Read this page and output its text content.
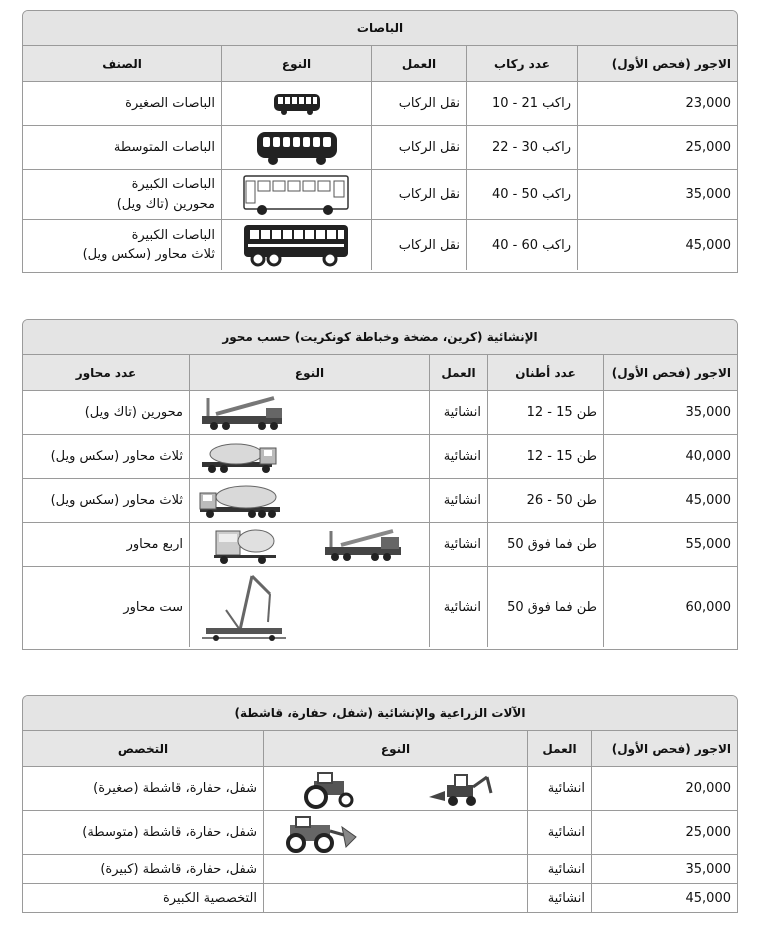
الباصات
الاجور (فحص الأول)
عدد ركاب
العمل
النوع
الصنف
23,000
راكب 21 - 10
نقل الركاب
الباصات الصغيرة
25,000
راكب 30 - 22
نقل الركاب
الباصات المتوسطة
35,000
راكب 50 - 40
نقل الركاب
الباصات الكبيرة
محورين (تاك ويل)
45,000
راكب 60 - 40
نقل الركاب
الباصات الكبيرة
ثلاث محاور (سكس ويل)
الإنشائية (كرين، مضخة وخباطة كونكريت) حسب محور
الاجور (فحص الأول)
عدد أطنان
العمل
النوع
عدد محاور
35,000
طن 15 - 12
انشائية
محورين (تاك ويل)
40,000
طن 15 - 12
انشائية
ثلاث محاور (سكس ويل)
45,000
طن 50 - 26
انشائية
ثلاث محاور (سكس ويل)
55,000
طن فما فوق 50
انشائية
اربع محاور
60,000
طن فما فوق 50
انشائية
ست محاور
الآلات الزراعية والإنشائية (شفل، حفارة، قاشطة)
الاجور (فحص الأول)
العمل
النوع
التخصص
20,000
انشائية
شفل، حفارة، قاشطة (صغيرة)
25,000
انشائية
شفل، حفارة، قاشطة (متوسطة)
35,000
انشائية
شفل، حفارة، قاشطة (كبيرة)
45,000
انشائية
التخصصية الكبيرة
